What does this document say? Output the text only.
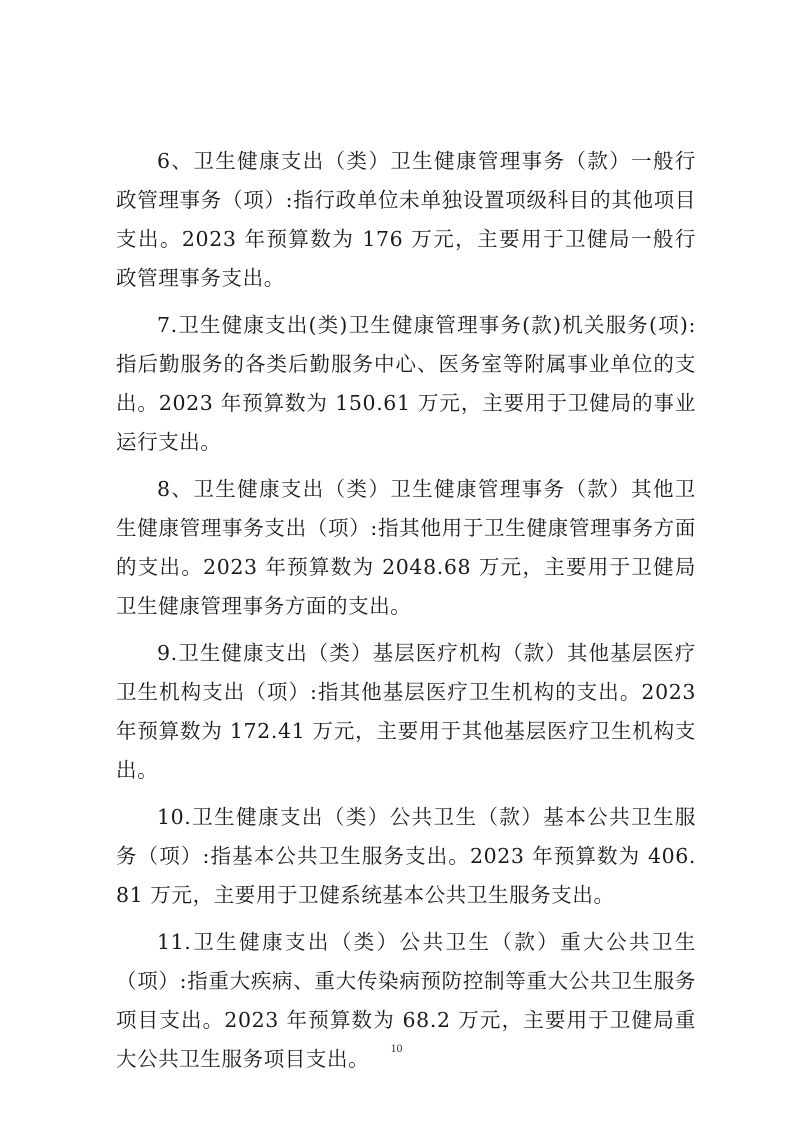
6、卫生健康支出（类）卫生健康管理事务（款）一般行政管理事务（项）:指行政单位未单独设置项级科目的其他项目支出。2023 年预算数为 176 万元，主要用于卫健局一般行政管理事务支出。

7.卫生健康支出(类)卫生健康管理事务(款)机关服务(项):指后勤服务的各类后勤服务中心、医务室等附属事业单位的支出。2023 年预算数为 150.61 万元，主要用于卫健局的事业运行支出。

8、卫生健康支出（类）卫生健康管理事务（款）其他卫生健康管理事务支出（项）:指其他用于卫生健康管理事务方面的支出。2023 年预算数为 2048.68 万元，主要用于卫健局卫生健康管理事务方面的支出。

9.卫生健康支出（类）基层医疗机构（款）其他基层医疗卫生机构支出（项）:指其他基层医疗卫生机构的支出。2023 年预算数为 172.41 万元，主要用于其他基层医疗卫生机构支出。

10.卫生健康支出（类）公共卫生（款）基本公共卫生服务（项）:指基本公共卫生服务支出。2023 年预算数为 406.81 万元，主要用于卫健系统基本公共卫生服务支出。

11.卫生健康支出（类）公共卫生（款）重大公共卫生（项）:指重大疾病、重大传染病预防控制等重大公共卫生服务项目支出。2023 年预算数为 68.2 万元，主要用于卫健局重大公共卫生服务项目支出。	10
